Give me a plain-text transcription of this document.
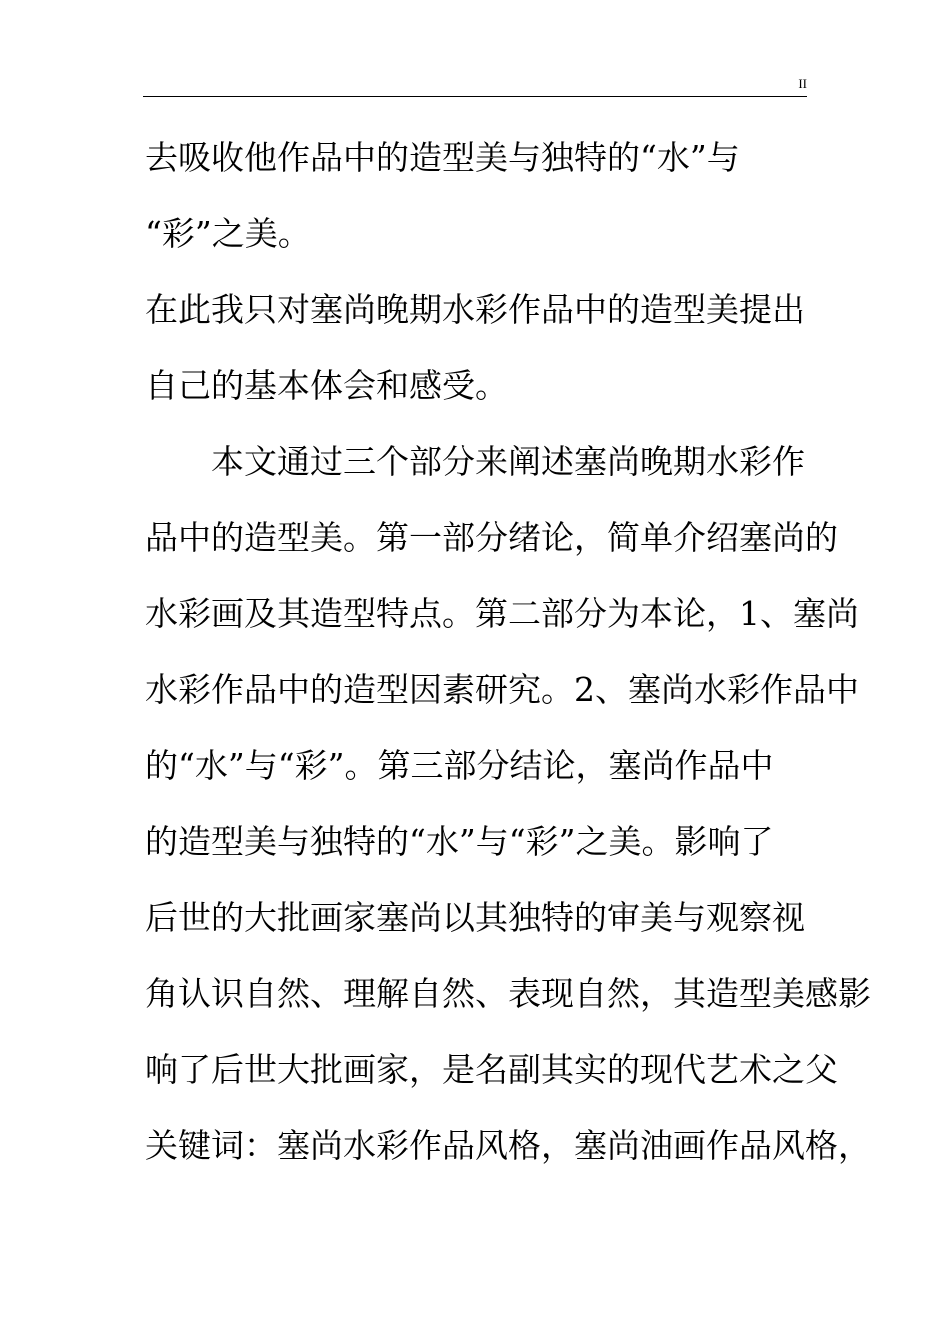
II
去吸收他作品中的造型美与独特的“水”与
“彩”之美。
在此我只对塞尚晚期水彩作品中的造型美提出
自己的基本体会和感受。
本文通过三个部分来阐述塞尚晚期水彩作
品中的造型美。第一部分绪论，简单介绍塞尚的
水彩画及其造型特点。第二部分为本论，1、塞尚
水彩作品中的造型因素研究。2、塞尚水彩作品中
的“水”与“彩”。第三部分结论，塞尚作品中
的造型美与独特的“水”与“彩”之美。影响了
后世的大批画家塞尚以其独特的审美与观察视
角认识自然、理解自然、表现自然，其造型美感影
响了后世大批画家，是名副其实的现代艺术之父
关键词：塞尚水彩作品风格，塞尚油画作品风格，
